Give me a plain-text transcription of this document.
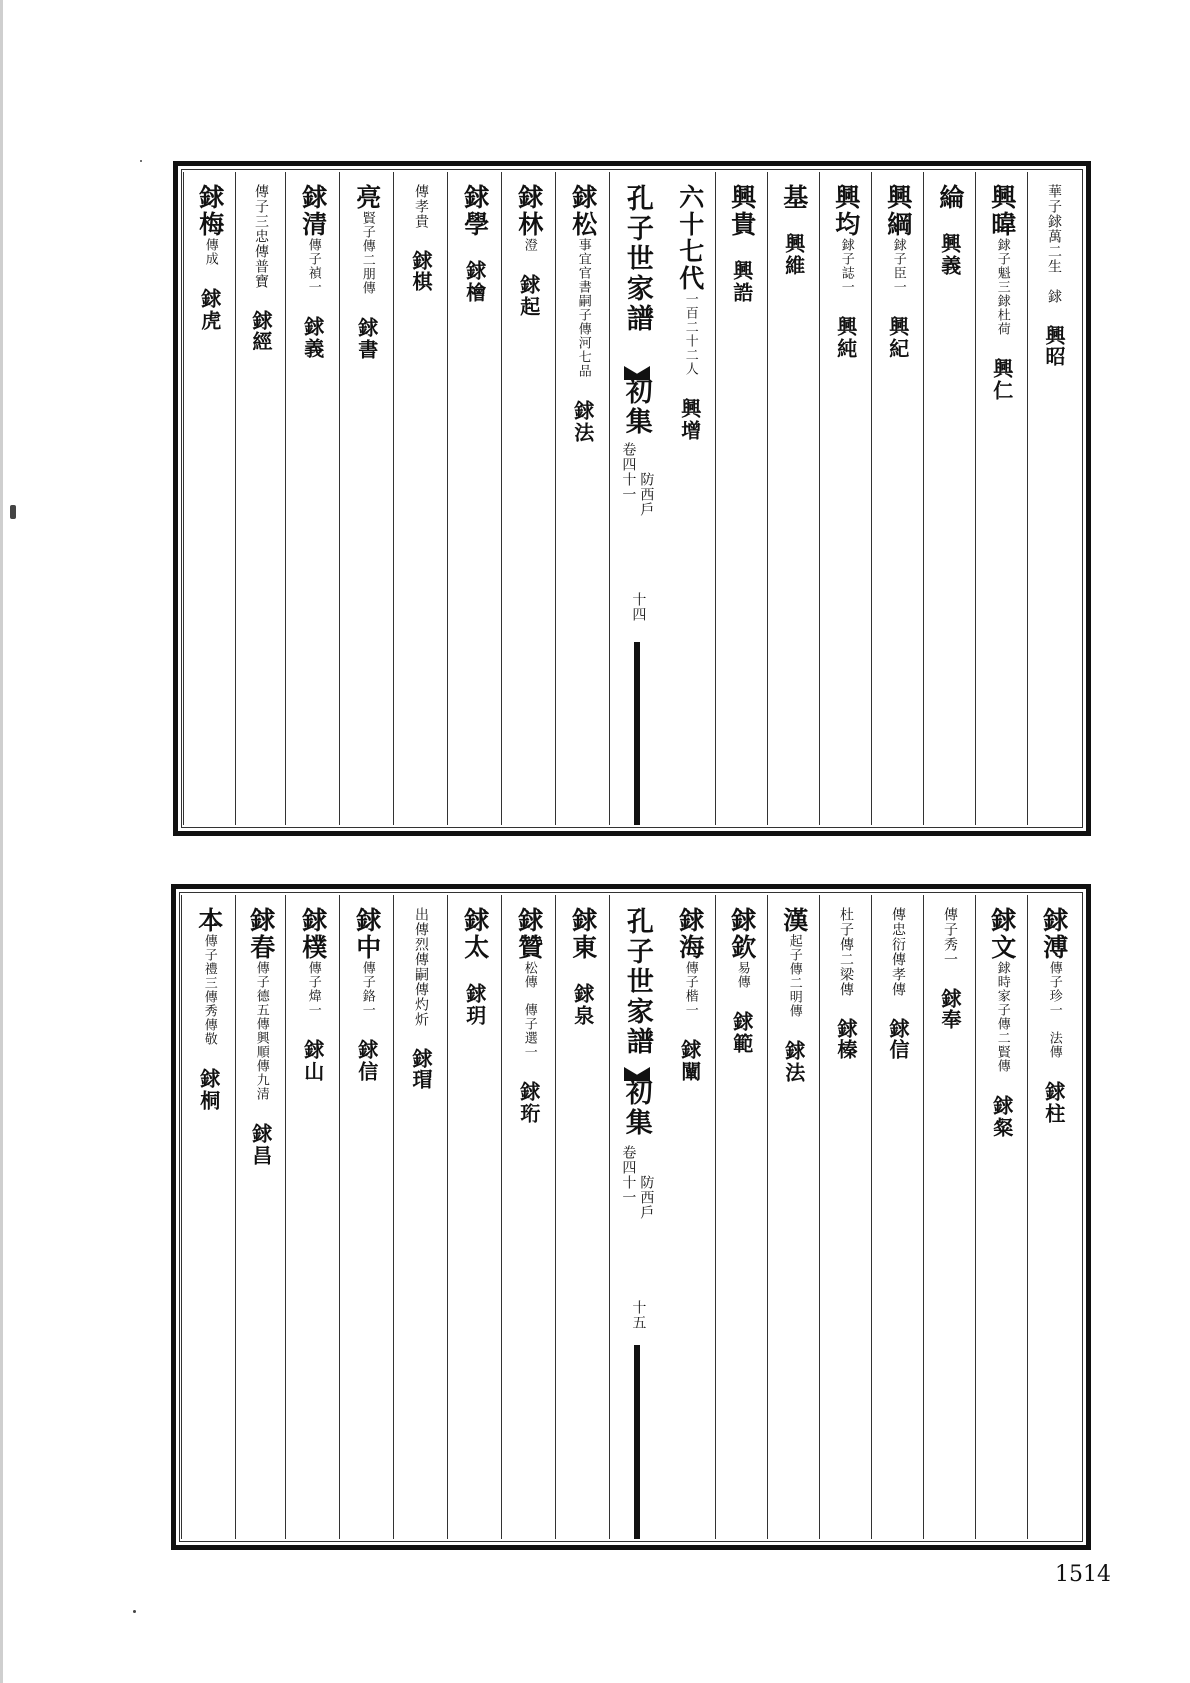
華子銶萬二生　銶　興昭
興暐銶子魁三銶杜荷　興仁
綸　興義
興綱銶子臣一　興紀
興均銶子誌一　興純
基　興維
興貴　興誥
六十七代一百二十二人　興增
孔子世家譜
初集
卷四十一 防西戶
十四
銶松事宜官書嗣子傳河七品　銶法
銶林澄　銶起
銶學　銶檜
傳孝貴　銶棋
亮賢子傳二朋傳　銶書
銶清傳子禎一　銶義
傳子三忠傳普寶　銶經
銶梅傳成　銶虎
銶溥傳子珍一　法傳　銶柱
銶文銶時家子傳二賢傳　銶粲
傳子秀一　銶奉
傳忠衍傳孝傳　銶信
杜子傳二梁傳　銶榛
漢起子傳二明傳　銶法
銶欽易傳　銶範
銶海傳子楷一　銶闡
孔子世家譜
初集
卷四十一 防西戶
十五
銶東　銶泉
銶贊松傳　傳子選一　銶珩
銶太　銶玥
出傳烈傳嗣傳灼炘　銶瑁
銶中傳子鉻一　銶信
銶樸傳子煒一　銶山
銶春傳子德五傳興順傳九清　銶昌
本傳子禮三傳秀傳敬　銶桐
1514
